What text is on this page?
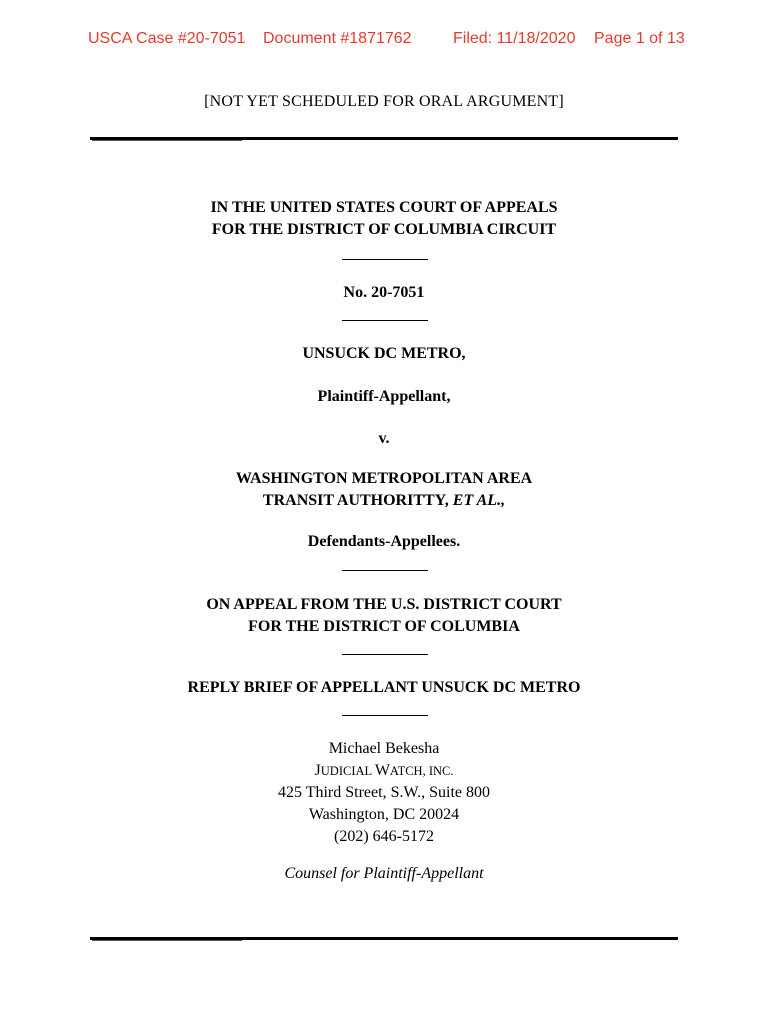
USCA Case #20-7051 Document #1871762	Filed: 11/18/2020 Page 1 of 13
[NOT YET SCHEDULED FOR ORAL ARGUMENT]
IN THE UNITED STATES COURT OF APPEALS
FOR THE DISTRICT OF COLUMBIA CIRCUIT
No. 20-7051
UNSUCK DC METRO,
Plaintiff-Appellant,
v.
WASHINGTON METROPOLITAN AREA
TRANSIT AUTHORITTY, ET AL.,
Defendants-Appellees.
ON APPEAL FROM THE U.S. DISTRICT COURT
FOR THE DISTRICT OF COLUMBIA
REPLY BRIEF OF APPELLANT UNSUCK DC METRO
Michael Bekesha
JUDICIAL WATCH, INC.
425 Third Street, S.W., Suite 800
Washington, DC 20024
(202) 646-5172
Counsel for Plaintiff-Appellant
